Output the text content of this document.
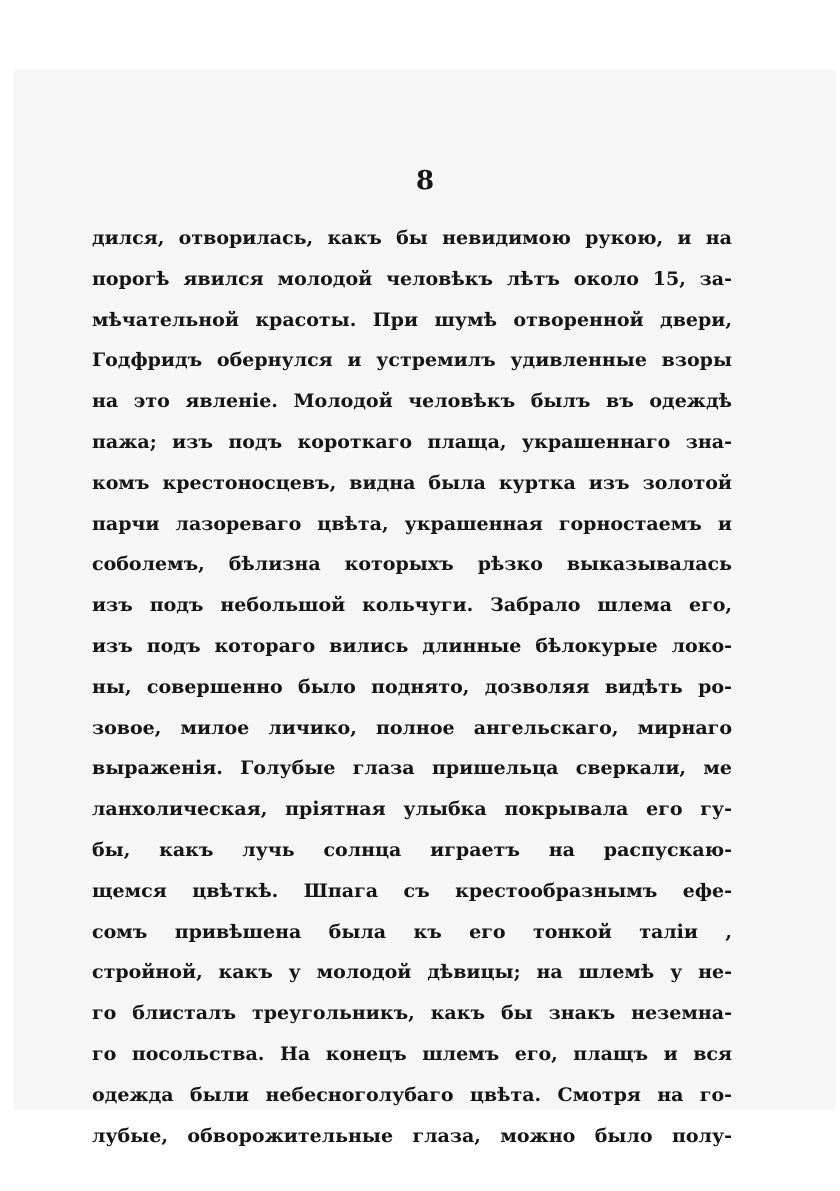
8
дился, отворилась, какъ бы невидимою рукою, и на
порогѣ явился молодой человѣкъ лѣтъ около 15, за-
мѣчательной красоты. При шумѣ отворенной двери,
Годфридъ обернулся и устремилъ удивленные взоры
на это явленіе. Молодой человѣкъ былъ въ одеждѣ
пажа; изъ подъ короткаго плаща, украшеннаго зна-
комъ крестоносцевъ, видна была куртка изъ золотой
парчи лазореваго цвѣта, украшенная горностаемъ и
соболемъ, бѣлизна которыхъ рѣзко выказывалась
изъ подъ небольшой кольчуги. Забрало шлема его,
изъ подъ котораго вились длинные бѣлокурые локо-
ны, совершенно было поднято, дозволяя видѣть ро-
зовое, милое личико, полное ангельскаго, мирнаго
выраженія. Голубые глаза пришельца сверкали, ме
ланхолическая, пріятная улыбка покрывала его гу-
бы, какъ лучь солнца играетъ на распускаю-
щемся цвѣткѣ. Шпага съ крестообразнымъ ефе-
сомъ привѣшена была къ его тонкой таліи ,
стройной, какъ у молодой дѣвицы; на шлемѣ у не-
го блисталъ треугольникъ, какъ бы знакъ неземна-
го посольства. На конецъ шлемъ его, плащъ и вся
одежда были небесноголубаго цвѣта. Смотря на го-
лубые, обворожительные глаза, можно было полу-
